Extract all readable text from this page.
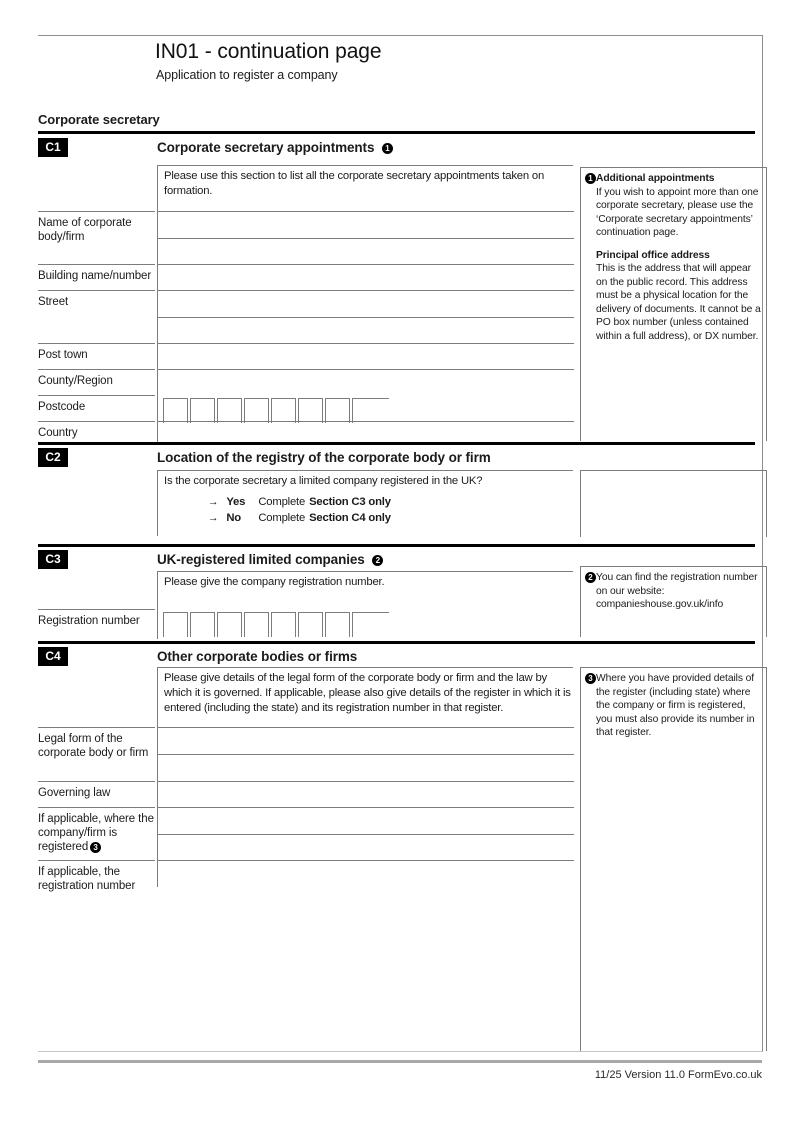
IN01 - continuation page
Application to register a company
Corporate secretary
C1	Corporate secretary appointments 1
Please use this section to list all the corporate secretary appointments taken on formation.
Name of corporate body/firm
Building name/number
Street
Post town
County/Region
Postcode
Country
1 Additional appointments
If you wish to appoint more than one corporate secretary, please use the ‘Corporate secretary appointments’ continuation page.
Principal office address
This is the address that will appear on the public record. This address must be a physical location for the delivery of documents. It cannot be a PO box number (unless contained within a full address), or DX number.
C2	Location of the registry of the corporate body or firm
Is the corporate secretary a limited company registered in the UK?
→ Yes Complete Section C3 only
→ No Complete Section C4 only
C3	UK-registered limited companies 2
Please give the company registration number.
Registration number
2 You can find the registration number on our website:
companieshouse.gov.uk/info
C4	Other corporate bodies or firms
Please give details of the legal form of the corporate body or firm and the law by which it is governed. If applicable, please also give details of the register in which it is entered (including the state) and its registration number in that register.
Legal form of the corporate body or firm
Governing law
If applicable, where the company/firm is registered 3
If applicable, the registration number
3 Where you have provided details of the register (including state) where the company or firm is registered, you must also provide its number in that register.
11/25 Version 11.0 FormEvo.co.uk
